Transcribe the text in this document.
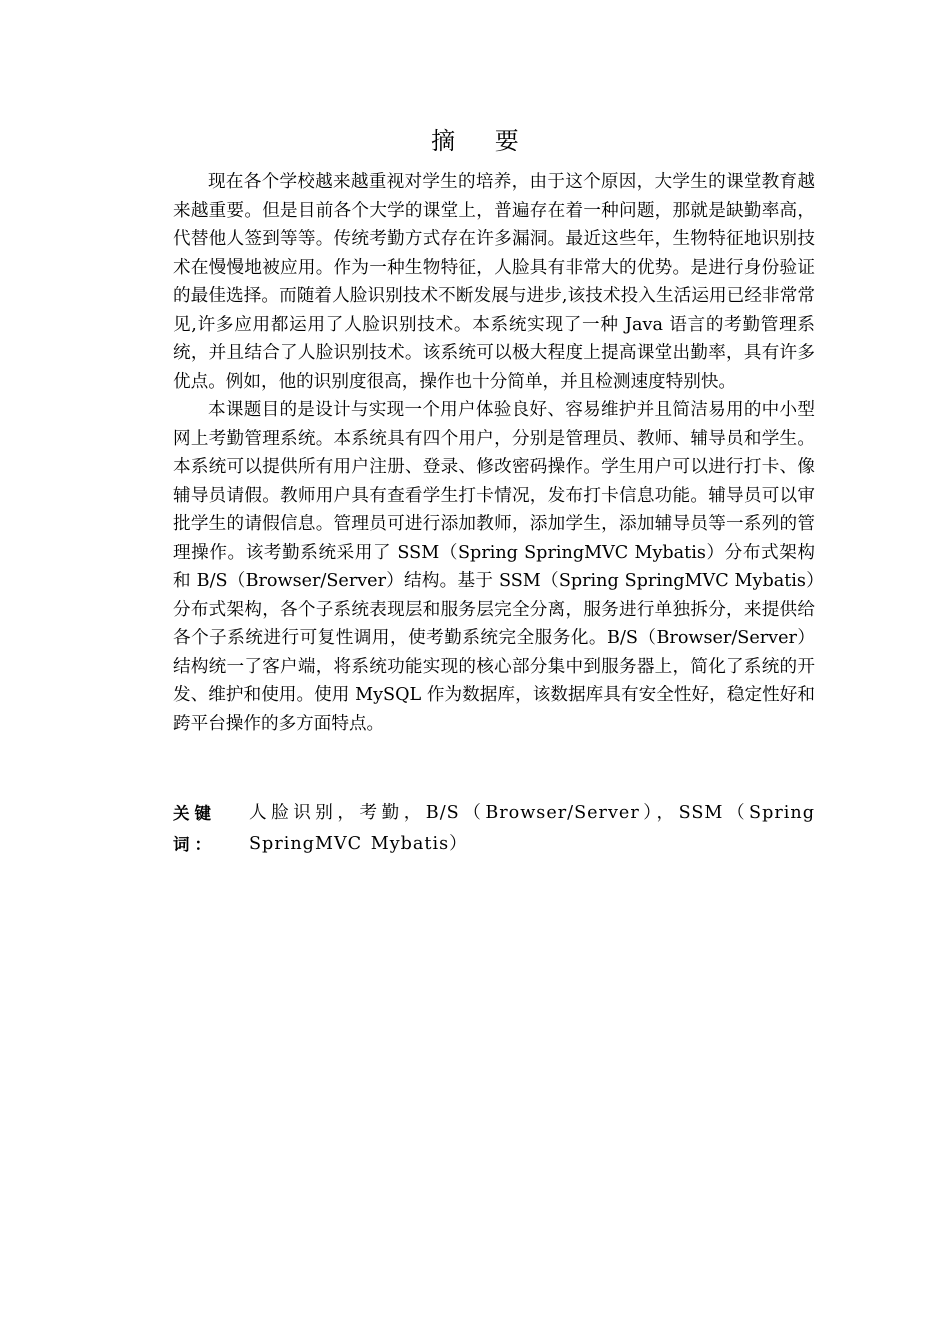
摘 要

现在各个学校越来越重视对学生的培养，由于这个原因，大学生的课堂教育越来越重要。但是目前各个大学的课堂上，普遍存在着一种问题，那就是缺勤率高，代替他人签到等等。传统考勤方式存在许多漏洞。最近这些年，生物特征地识别技术在慢慢地被应用。作为一种生物特征，人脸具有非常大的优势。是进行身份验证的最佳选择。而随着人脸识别技术不断发展与进步,该技术投入生活运用已经非常常见,许多应用都运用了人脸识别技术。本系统实现了一种 Java 语言的考勤管理系统，并且结合了人脸识别技术。该系统可以极大程度上提高课堂出勤率，具有许多优点。例如，他的识别度很高，操作也十分简单，并且检测速度特别快。

本课题目的是设计与实现一个用户体验良好、容易维护并且简洁易用的中小型网上考勤管理系统。本系统具有四个用户，分别是管理员、教师、辅导员和学生。本系统可以提供所有用户注册、登录、修改密码操作。学生用户可以进行打卡、像辅导员请假。教师用户具有查看学生打卡情况，发布打卡信息功能。辅导员可以审批学生的请假信息。管理员可进行添加教师，添加学生，添加辅导员等一系列的管理操作。该考勤系统采用了 SSM（Spring SpringMVC Mybatis）分布式架构和 B/S（Browser/Server）结构。基于 SSM（Spring SpringMVC Mybatis）分布式架构，各个子系统表现层和服务层完全分离，服务进行单独拆分，来提供给各个子系统进行可复性调用，使考勤系统完全服务化。B/S（Browser/Server）结构统一了客户端，将系统功能实现的核心部分集中到服务器上，简化了系统的开发、维护和使用。使用 MySQL 作为数据库，该数据库具有安全性好，稳定性好和跨平台操作的多方面特点。

关键词：
人脸识别，考勤，B/S（Browser/Server），SSM（Spring SpringMVC Mybatis）
